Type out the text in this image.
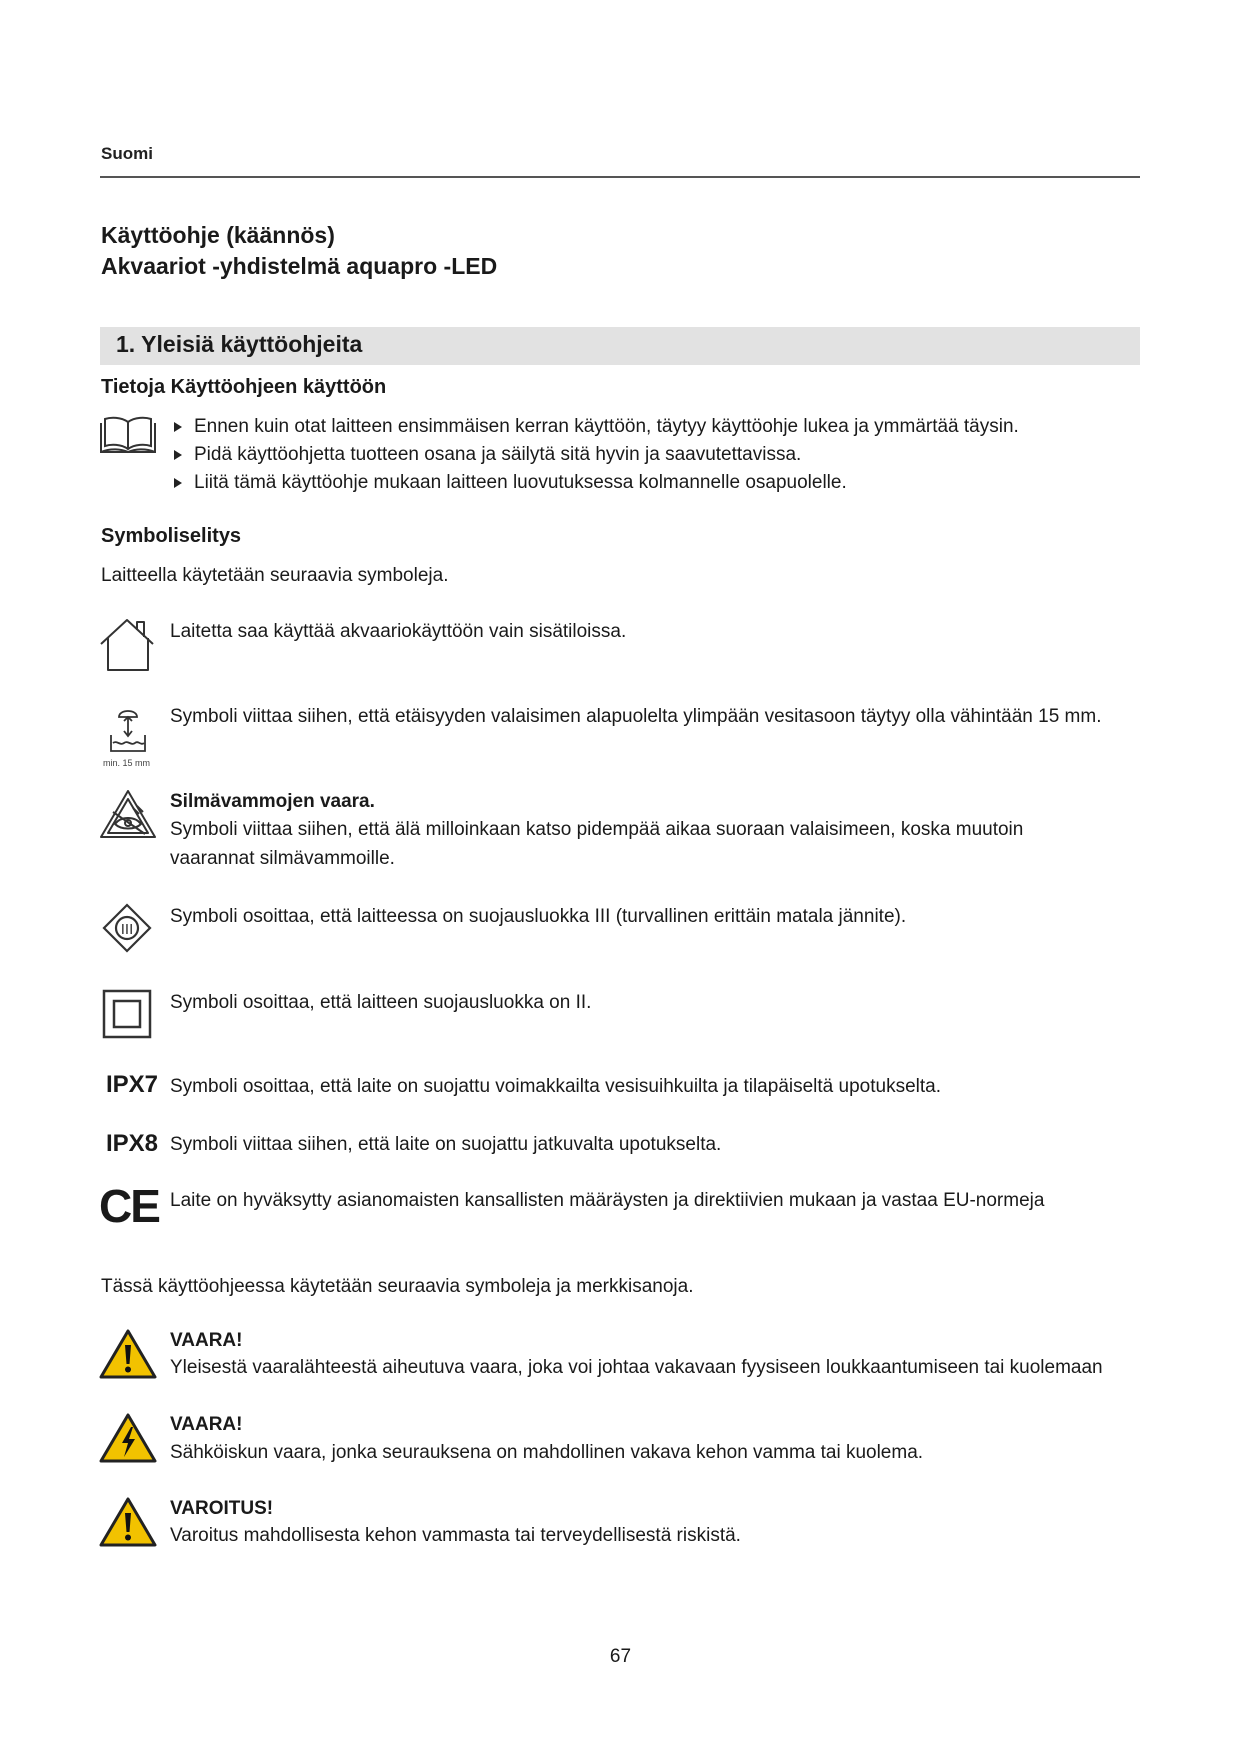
Suomi
Käyttöohje (käännös)
Akvaariot -yhdistelmä aquapro -LED
1. Yleisiä käyttöohjeita
Tietoja Käyttöohjeen käyttöön
Ennen kuin otat laitteen ensimmäisen kerran käyttöön, täytyy käyttöohje lukea ja ymmärtää täysin.
Pidä käyttöohjetta tuotteen osana ja säilytä sitä hyvin ja saavutettavissa.
Liitä tämä käyttöohje mukaan laitteen luovutuksessa kolmannelle osapuolelle.
Symboliselitys
Laitteella käytetään seuraavia symboleja.
Laitetta saa käyttää akvaariokäyttöön vain sisätiloissa.
min. 15 mm
Symboli viittaa siihen, että etäisyyden valaisimen alapuolelta ylimpään vesitasoon täytyy olla vähintään 15 mm.
Silmävammojen vaara.
Symboli viittaa siihen, että älä milloinkaan katso pidempää aikaa suoraan valaisimeen, koska muutoin vaarannat silmävammoille.
III
Symboli osoittaa, että laitteessa on suojausluokka III (turvallinen erittäin matala jännite).
Symboli osoittaa, että laitteen suojausluokka on II.
IPX7 Symboli osoittaa, että laite on suojattu voimakkailta vesisuihkuilta ja tilapäiseltä upotukselta.
IPX8 Symboli viittaa siihen, että laite on suojattu jatkuvalta upotukselta.
CE Laite on hyväksytty asianomaisten kansallisten määräysten ja direktiivien mukaan ja vastaa EU-normeja
Tässä käyttöohjeessa käytetään seuraavia symboleja ja merkkisanoja.
VAARA!
Yleisestä vaaralähteestä aiheutuva vaara, joka voi johtaa vakavaan fyysiseen loukkaantumiseen tai kuolemaan
VAARA!
Sähköiskun vaara, jonka seurauksena on mahdollinen vakava kehon vamma tai kuolema.
VAROITUS!
Varoitus mahdollisesta kehon vammasta tai terveydellisestä riskistä.
67
